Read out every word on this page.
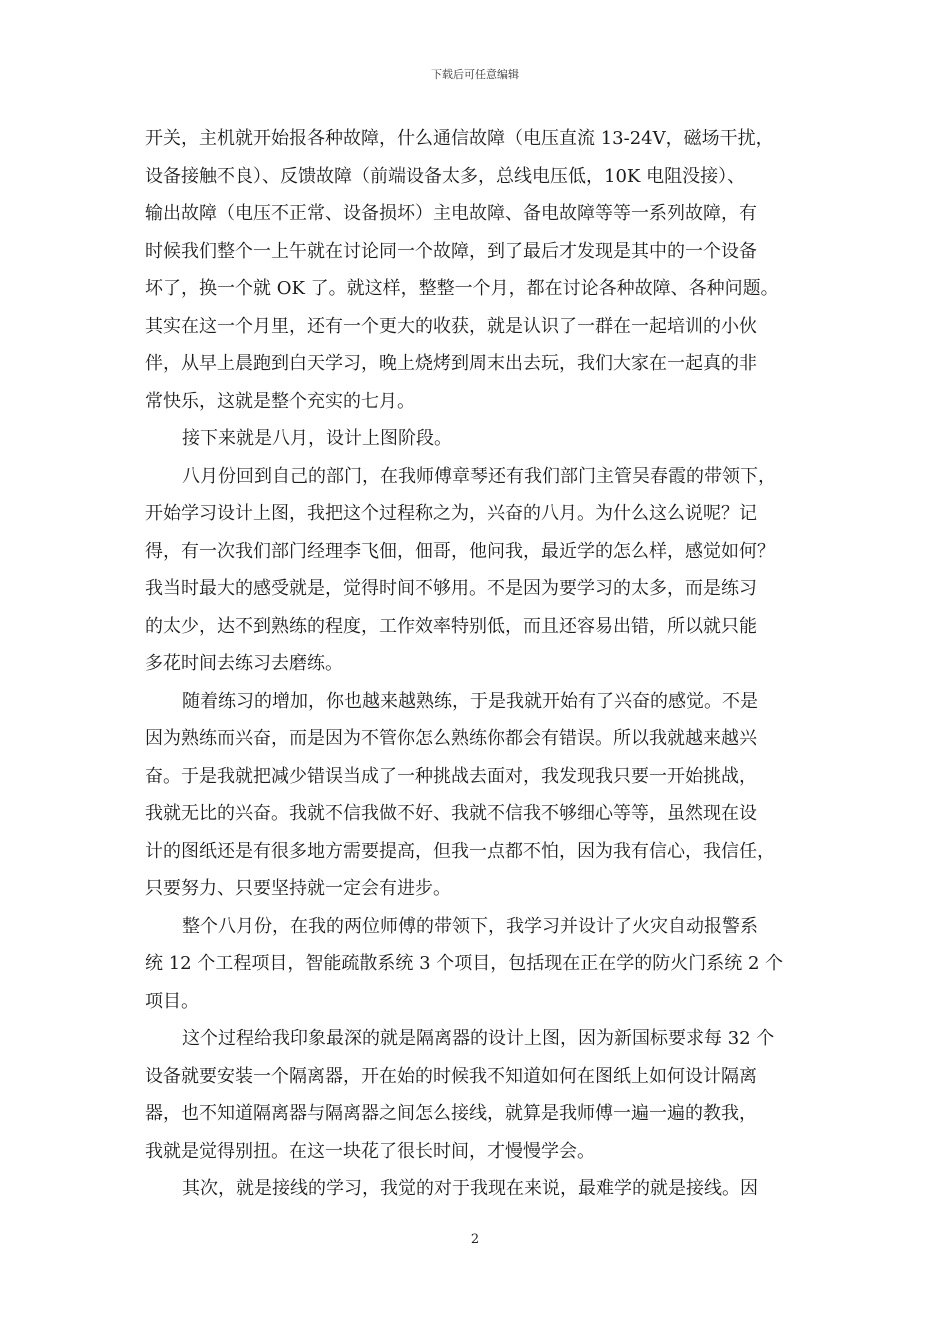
下载后可任意编辑
开关，主机就开始报各种故障，什么通信故障（电压直流 13-24V，磁场干扰，
设备接触不良）、反馈故障（前端设备太多，总线电压低，10K 电阻没接）、
输出故障（电压不正常、设备损坏）主电故障、备电故障等等一系列故障，有
时候我们整个一上午就在讨论同一个故障，到了最后才发现是其中的一个设备
坏了，换一个就 OK 了。就这样，整整一个月，都在讨论各种故障、各种问题。
其实在这一个月里，还有一个更大的收获，就是认识了一群在一起培训的小伙
伴，从早上晨跑到白天学习，晚上烧烤到周末出去玩，我们大家在一起真的非
常快乐，这就是整个充实的七月。
接下来就是八月，设计上图阶段。
八月份回到自己的部门，在我师傅章琴还有我们部门主管吴春霞的带领下，
开始学习设计上图，我把这个过程称之为，兴奋的八月。为什么这么说呢？记
得，有一次我们部门经理李飞佃，佃哥，他问我，最近学的怎么样，感觉如何？
我当时最大的感受就是，觉得时间不够用。不是因为要学习的太多，而是练习
的太少，达不到熟练的程度，工作效率特别低，而且还容易出错，所以就只能
多花时间去练习去磨练。
随着练习的增加，你也越来越熟练，于是我就开始有了兴奋的感觉。不是
因为熟练而兴奋，而是因为不管你怎么熟练你都会有错误。所以我就越来越兴
奋。于是我就把减少错误当成了一种挑战去面对，我发现我只要一开始挑战，
我就无比的兴奋。我就不信我做不好、我就不信我不够细心等等，虽然现在设
计的图纸还是有很多地方需要提高，但我一点都不怕，因为我有信心，我信任，
只要努力、只要坚持就一定会有进步。
整个八月份，在我的两位师傅的带领下，我学习并设计了火灾自动报警系
统 12 个工程项目，智能疏散系统 3 个项目，包括现在正在学的防火门系统 2 个
项目。
这个过程给我印象最深的就是隔离器的设计上图，因为新国标要求每 32 个
设备就要安装一个隔离器，开在始的时候我不知道如何在图纸上如何设计隔离
器，也不知道隔离器与隔离器之间怎么接线，就算是我师傅一遍一遍的教我，
我就是觉得别扭。在这一块花了很长时间，才慢慢学会。
其次，就是接线的学习，我觉的对于我现在来说，最难学的就是接线。因
2
